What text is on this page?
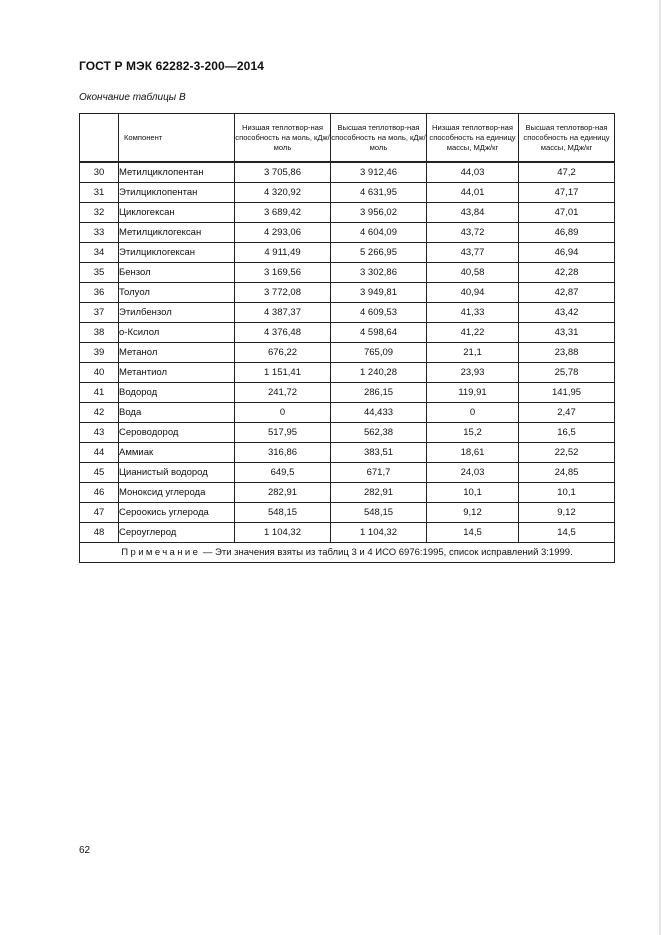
ГОСТ Р МЭК 62282-3-200—2014
Окончание таблицы В
	Компонент	Низшая теплотвор-ная способность на моль, кДж/моль	Высшая теплотвор-ная способность на моль, кДж/моль	Низшая теплотвор-ная способность на единицу массы, МДж/кг	Высшая теплотвор-ная способность на единицу массы, МДж/кг
30	Метилциклопентан	3 705,86	3 912,46	44,03	47,2
31	Этилциклопентан	4 320,92	4 631,95	44,01	47,17
32	Циклогексан	3 689,42	3 956,02	43,84	47,01
33	Метилциклогексан	4 293,06	4 604,09	43,72	46,89
34	Этилциклогексан	4 911,49	5 266,95	43,77	46,94
35	Бензол	3 169,56	3 302,86	40,58	42,28
36	Толуол	3 772,08	3 949,81	40,94	42,87
37	Этилбензол	4 387,37	4 609,53	41,33	43,42
38	о-Ксилол	4 376,48	4 598,64	41,22	43,31
39	Метанол	676,22	765,09	21,1	23,88
40	Метантиол	1 151,41	1 240,28	23,93	25,78
41	Водород	241,72	286,15	119,91	141,95
42	Вода	0	44,433	0	2,47
43	Сероводород	517,95	562,38	15,2	16,5
44	Аммиак	316,86	383,51	18,61	22,52
45	Цианистый водород	649,5	671,7	24,03	24,85
46	Моноксид углерода	282,91	282,91	10,1	10,1
47	Сероокись углерода	548,15	548,15	9,12	9,12
48	Сероуглерод	1 104,32	1 104,32	14,5	14,5
Примечание — Эти значения взяты из таблиц 3 и 4 ИСО 6976:1995, список исправлений 3:1999.					
62
